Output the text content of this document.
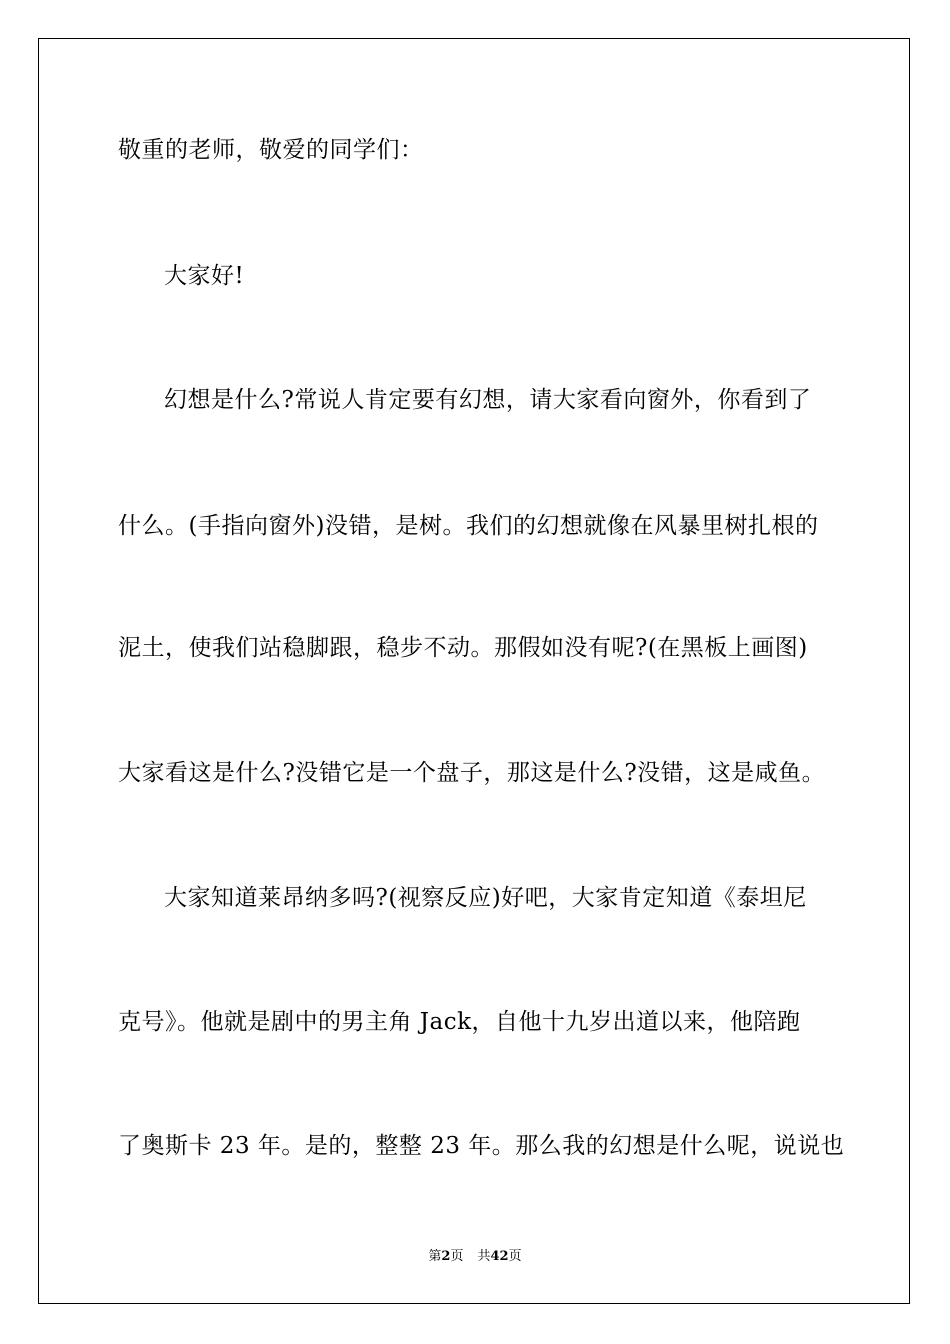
敬重的老师，敬爱的同学们：
大家好!
幻想是什么?常说人肯定要有幻想，请大家看向窗外，你看到了
什么。(手指向窗外)没错，是树。我们的幻想就像在风暴里树扎根的
泥土，使我们站稳脚跟，稳步不动。那假如没有呢?(在黑板上画图)
大家看这是什么?没错它是一个盘子，那这是什么?没错，这是咸鱼。
大家知道莱昂纳多吗?(视察反应)好吧，大家肯定知道《泰坦尼
克号》。他就是剧中的男主角 Jack，自他十九岁出道以来，他陪跑
了奥斯卡 23 年。是的，整整 23 年。那么我的幻想是什么呢，说说也
第2页 共42页
